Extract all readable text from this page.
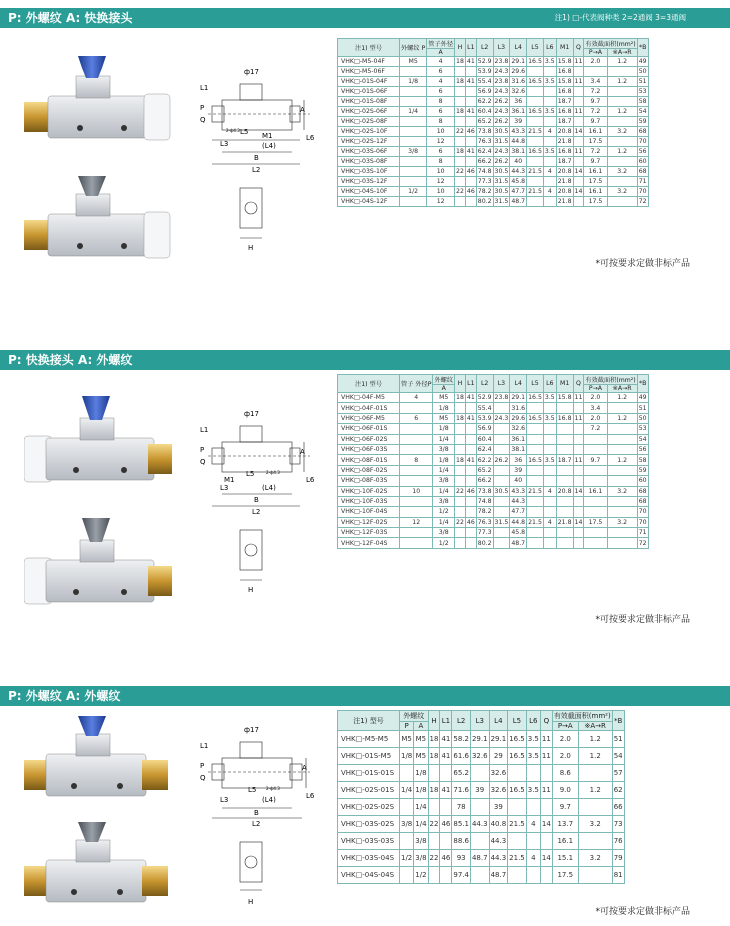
P: 外螺纹 A: 快换接头	注1) □-代表阀种类 2=2通阀 3=3通阀
ф17
L1
P
Q
L5
2-ф4.3
M1
L3	(L4)
B
L2
A
L6
H
注1) 型号	外螺纹 P	管子外径	H	L1	L2	L3	L4	L5	L6	M1	Q	有效截面积(mm²)		*B
		A										P→A	※A→R	
VHK□-M5-04F	M5	4	18	41	52.9	23.8	29.1	16.5	3.5	15.8	11	2.0	1.2	49
VHK□-M5-06F		6			53.9	24.3	29.6			16.8				50
VHK□-01S-04F	1/8	4	18	41	55.4	23.8	31.6	16.5	3.5	15.8	11	3.4	1.2	51
VHK□-01S-06F		6			56.9	24.3	32.6			16.8		7.2		53
VHK□-01S-08F		8			62.2	26.2	36			18.7		9.7		58
VHK□-02S-06F	1/4	6	18	41	60.4	24.3	36.1	16.5	3.5	16.8	11	7.2	1.2	54
VHK□-02S-08F		8			65.2	26.2	39			18.7		9.7		59
VHK□-02S-10F		10	22	46	73.8	30.5	43.3	21.5	4	20.8	14	16.1	3.2	68
VHK□-02S-12F		12			76.3	31.5	44.8			21.8		17.5		70
VHK□-03S-06F	3/8	6	18	41	62.4	24.3	38.1	16.5	3.5	16.8	11	7.2	1.2	56
VHK□-03S-08F		8			66.2	26.2	40			18.7		9.7		60
VHK□-03S-10F		10	22	46	74.8	30.5	44.3	21.5	4	20.8	14	16.1	3.2	68
VHK□-03S-12F		12			77.3	31.5	45.8			21.8		17.5		71
VHK□-04S-10F	1/2	10	22	46	78.2	30.5	47.7	21.5	4	20.8	14	16.1	3.2	70
VHK□-04S-12F		12			80.2	31.5	48.7			21.8		17.5		72
*可按要求定做非标产品
P: 快换接头 A: 外螺纹
ф17
L1
P
Q
L5	2-ф4.3
M1
L3	(L4)
B
L2
A
L6
H
注1) 型号	管子 外径P	外螺纹	H	L1	L2	L3	L4	L5	L6	M1	Q	有效截面积(mm²)		*B
		A										P→A	※A→R	
VHK□-04F-M5	4	M5	18	41	52.9	23.8	29.1	16.5	3.5	15.8	11	2.0	1.2	49
VHK□-04F-01S		1/8			55.4		31.6					3.4		51
VHK□-06F-M5	6	M5	18	41	53.9	24.3	29.6	16.5	3.5	16.8	11	2.0	1.2	50
VHK□-06F-01S		1/8			56.9		32.6					7.2		53
VHK□-06F-02S		1/4			60.4		36.1							54
VHK□-06F-03S		3/8			62.4		38.1							56
VHK□-08F-01S	8	1/8	18	41	62.2	26.2	36	16.5	3.5	18.7	11	9.7	1.2	58
VHK□-08F-02S		1/4			65.2		39							59
VHK□-08F-03S		3/8			66.2		40							60
VHK□-10F-02S	10	1/4	22	46	73.8	30.5	43.3	21.5	4	20.8	14	16.1	3.2	68
VHK□-10F-03S		3/8			74.8		44.3							68
VHK□-10F-04S		1/2			78.2		47.7							70
VHK□-12F-02S	12	1/4	22	46	76.3	31.5	44.8	21.5	4	21.8	14	17.5	3.2	70
VHK□-12F-03S		3/8			77.3		45.8							71
VHK□-12F-04S		1/2			80.2		48.7							72
*可按要求定做非标产品
P: 外螺纹 A: 外螺纹
ф17
L1
P
Q
L5 2-ф4.3
L3	(L4)
B
L2
A
L6
H
注1) 型号	外螺纹		H	L1	L2	L3	L4	L5	L6	Q	有效截面积(mm²)		*B
	P	A									P→A	※A→R	
VHK□-M5-M5	M5	M5	18	41	58.2	29.1	29.1	16.5	3.5	11	2.0	1.2	51
VHK□-01S-M5	1/8	M5	18	41	61.6	32.6	29	16.5	3.5	11	2.0	1.2	54
VHK□-01S-01S		1/8			65.2		32.6				8.6		57
VHK□-02S-01S	1/4	1/8	18	41	71.6	39	32.6	16.5	3.5	11	9.0	1.2	62
VHK□-02S-02S		1/4			78		39				9.7		66
VHK□-03S-02S	3/8	1/4	22	46	85.1	44.3	40.8	21.5	4	14	13.7	3.2	73
VHK□-03S-03S		3/8			88.6		44.3				16.1		76
VHK□-03S-04S	1/2	3/8	22	46	93	48.7	44.3	21.5	4	14	15.1	3.2	79
VHK□-04S-04S		1/2			97.4		48.7				17.5		81
*可按要求定做非标产品
